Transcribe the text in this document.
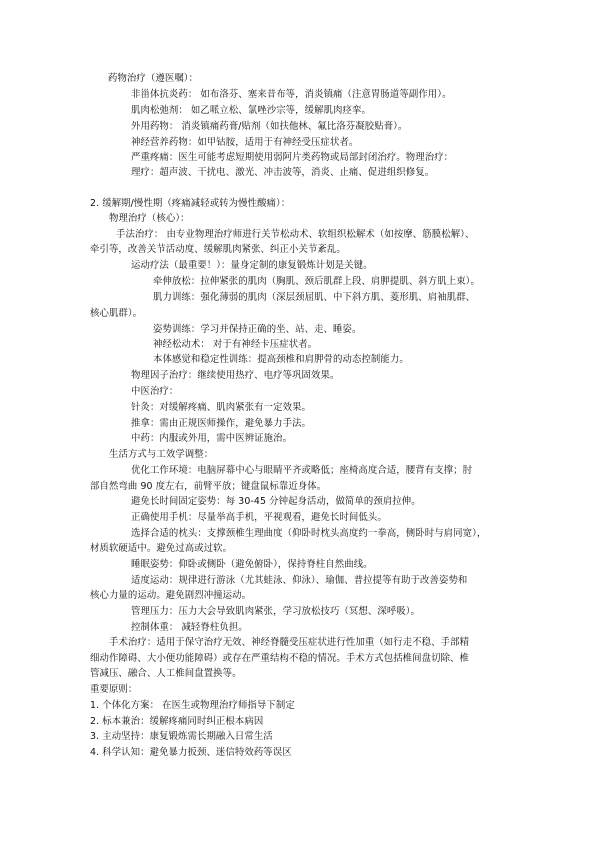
药物治疗（遵医嘱）：
非甾体抗炎药： 如布洛芬、塞来昔布等，消炎镇痛（注意胃肠道等副作用）。
肌肉松弛剂： 如乙哌立松、氯唑沙宗等，缓解肌肉痉挛。
外用药物： 消炎镇痛药膏/贴剂（如扶他林、氟比洛芬凝胶贴膏）。
神经营养药物：如甲钴胺，适用于有神经受压症状者。
严重疼痛：医生可能考虑短期使用弱阿片类药物或局部封闭治疗。物理治疗：
理疗：超声波、干扰电、激光、冲击波等，消炎、止痛、促进组织修复。
2. 缓解期/慢性期（疼痛减轻或转为慢性酸痛）：
物理治疗（核心）：
手法治疗： 由专业物理治疗师进行关节松动术、软组织松解术（如按摩、筋膜松解）、
牵引等，改善关节活动度、缓解肌肉紧张、纠正小关节紊乱。
运动疗法（最重要！）：量身定制的康复锻炼计划是关键。
牵伸放松：拉伸紧张的肌肉（胸肌、颈后肌群上段、肩胛提肌、斜方肌上束）。
肌力训练：强化薄弱的肌肉（深层颈屈肌、中下斜方肌、菱形肌、肩袖肌群、
核心肌群）。
姿势训练：学习并保持正确的坐、站、走、睡姿。
神经松动术： 对于有神经卡压症状者。
本体感觉和稳定性训练：提高颈椎和肩胛骨的动态控制能力。
物理因子治疗：继续使用热疗、电疗等巩固效果。
中医治疗：
针灸：对缓解疼痛、肌肉紧张有一定效果。
推拿：需由正规医师操作，避免暴力手法。
中药：内服或外用，需中医辨证施治。
生活方式与工效学调整：
优化工作环境：电脑屏幕中心与眼睛平齐或略低；座椅高度合适，腰背有支撑；肘
部自然弯曲 90 度左右，前臂平放；键盘鼠标靠近身体。
避免长时间固定姿势：每 30-45 分钟起身活动，做简单的颈肩拉伸。
正确使用手机：尽量举高手机，平视观看，避免长时间低头。
选择合适的枕头：支撑颈椎生理曲度（仰卧时枕头高度约一拳高，侧卧时与肩同宽），
材质软硬适中。避免过高或过软。
睡眠姿势：仰卧或侧卧（避免俯卧），保持脊柱自然曲线。
适度运动：规律进行游泳（尤其蛙泳、仰泳）、瑜伽、普拉提等有助于改善姿势和
核心力量的运动。避免剧烈冲撞运动。
管理压力：压力大会导致肌肉紧张，学习放松技巧（冥想、深呼吸）。
控制体重： 减轻脊柱负担。
手术治疗：适用于保守治疗无效、神经脊髓受压症状进行性加重（如行走不稳、手部精
细动作障碍、大小便功能障碍）或存在严重结构不稳的情况。手术方式包括椎间盘切除、椎
管减压、融合、人工椎间盘置换等。
重要原则：
1. 个体化方案： 在医生或物理治疗师指导下制定
2. 标本兼治：缓解疼痛同时纠正根本病因
3. 主动坚持：康复锻炼需长期融入日常生活
4. 科学认知：避免暴力扳颈、迷信特效药等误区
